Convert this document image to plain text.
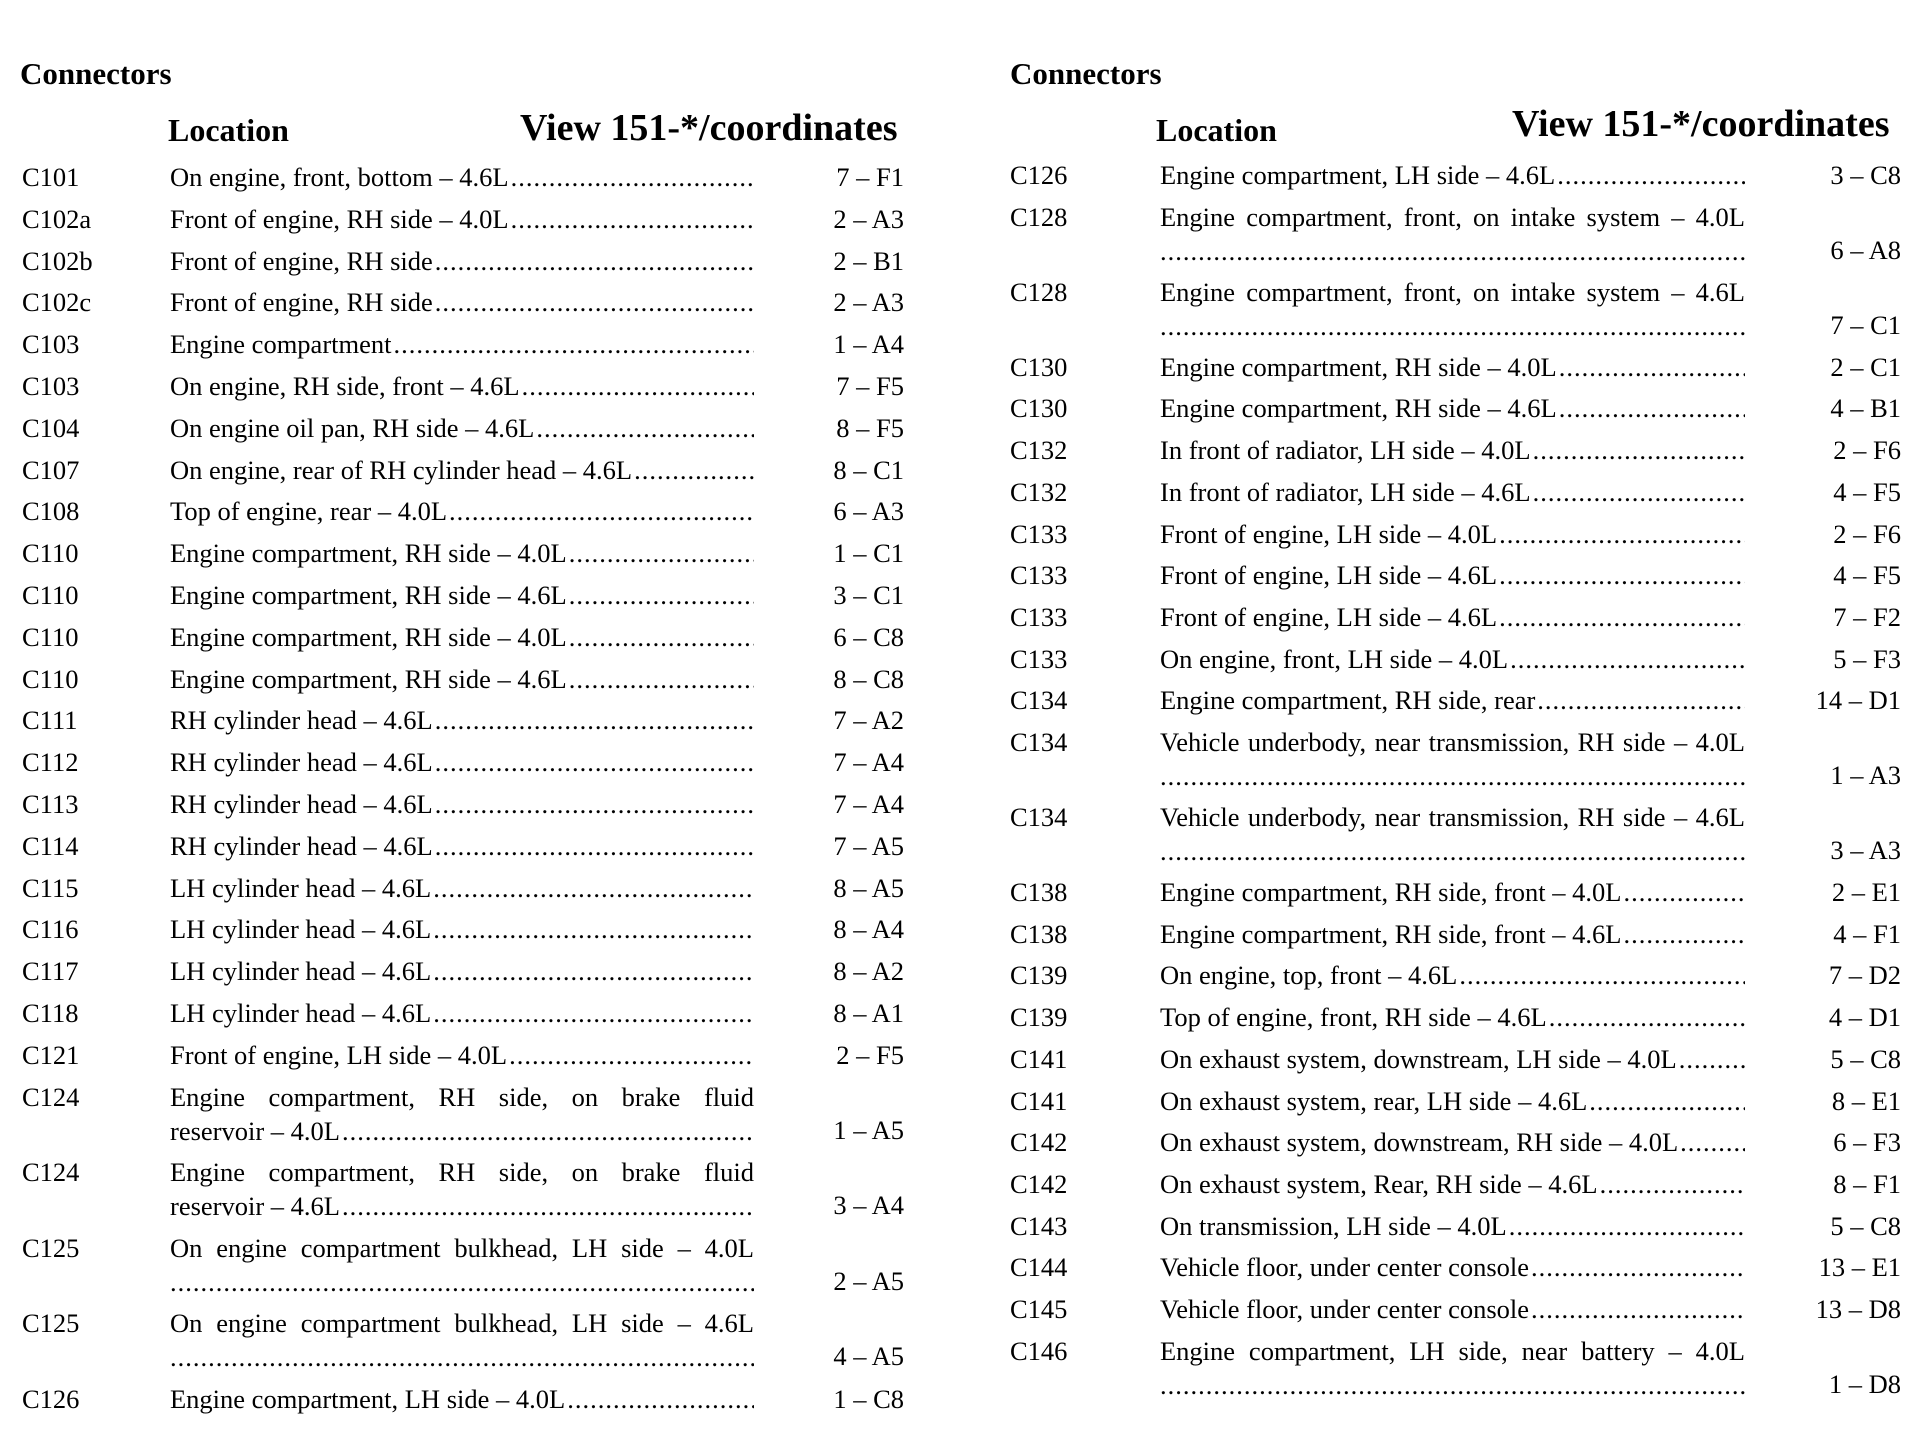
Connectors
Location	View 151-*/coordinates
C101	On engine, front, bottom – 4.6L .....	7 – F1
C102a	Front of engine, RH side – 4.0L .....	2 – A3
C102b	Front of engine, RH side .....	2 – B1
C102c	Front of engine, RH side .....	2 – A3
C103	Engine compartment .....	1 – A4
C103	On engine, RH side, front – 4.6L .....	7 – F5
C104	On engine oil pan, RH side – 4.6L .....	8 – F5
C107	On engine, rear of RH cylinder head – 4.6L .....	8 – C1
C108	Top of engine, rear – 4.0L .....	6 – A3
C110	Engine compartment, RH side – 4.0L .....	1 – C1
C110	Engine compartment, RH side – 4.6L .....	3 – C1
C110	Engine compartment, RH side – 4.0L .....	6 – C8
C110	Engine compartment, RH side – 4.6L .....	8 – C8
C111	RH cylinder head – 4.6L .....	7 – A2
C112	RH cylinder head – 4.6L .....	7 – A4
C113	RH cylinder head – 4.6L .....	7 – A4
C114	RH cylinder head – 4.6L .....	7 – A5
C115	LH cylinder head – 4.6L .....	8 – A5
C116	LH cylinder head – 4.6L .....	8 – A4
C117	LH cylinder head – 4.6L .....	8 – A2
C118	LH cylinder head – 4.6L .....	8 – A1
C121	Front of engine, LH side – 4.0L .....	2 – F5
C124	Engine compartment, RH side, on brake fluid
reservoir – 4.0L .....	1 – A5
C124	Engine compartment, RH side, on brake fluid
reservoir – 4.6L .....	3 – A4
C125	On engine compartment bulkhead, LH side – 4.0L
.....
2 – A5
C125	On engine compartment bulkhead, LH side – 4.6L
.....
4 – A5
C126	Engine compartment, LH side – 4.0L .....	1 – C8
Connectors
Location	View 151-*/coordinates
C126	Engine compartment, LH side – 4.6L .....	3 – C8
C128	Engine compartment, front, on intake system – 4.0L
.....
6 – A8
C128	Engine compartment, front, on intake system – 4.6L
.....
7 – C1
C130	Engine compartment, RH side – 4.0L .....	2 – C1
C130	Engine compartment, RH side – 4.6L .....	4 – B1
C132	In front of radiator, LH side – 4.0L .....	2 – F6
C132	In front of radiator, LH side – 4.6L .....	4 – F5
C133	Front of engine, LH side – 4.0L .....	2 – F6
C133	Front of engine, LH side – 4.6L .....	4 – F5
C133	Front of engine, LH side – 4.6L .....	7 – F2
C133	On engine, front, LH side – 4.0L .....	5 – F3
C134	Engine compartment, RH side, rear .....	14 – D1
C134	Vehicle underbody, near transmission, RH side – 4.0L
.....
1 – A3
C134	Vehicle underbody, near transmission, RH side – 4.6L
.....
3 – A3
C138	Engine compartment, RH side, front – 4.0L .....	2 – E1
C138	Engine compartment, RH side, front – 4.6L .....	4 – F1
C139	On engine, top, front – 4.6L .....	7 – D2
C139	Top of engine, front, RH side – 4.6L .....	4 – D1
C141	On exhaust system, downstream, LH side – 4.0L .....	5 – C8
C141	On exhaust system, rear, LH side – 4.6L .....	8 – E1
C142	On exhaust system, downstream, RH side – 4.0L .....	6 – F3
C142	On exhaust system, Rear, RH side – 4.6L .....	8 – F1
C143	On transmission, LH side – 4.0L .....	5 – C8
C144	Vehicle floor, under center console .....	13 – E1
C145	Vehicle floor, under center console .....	13 – D8
C146	Engine compartment, LH side, near battery – 4.0L
.....
1 – D8
